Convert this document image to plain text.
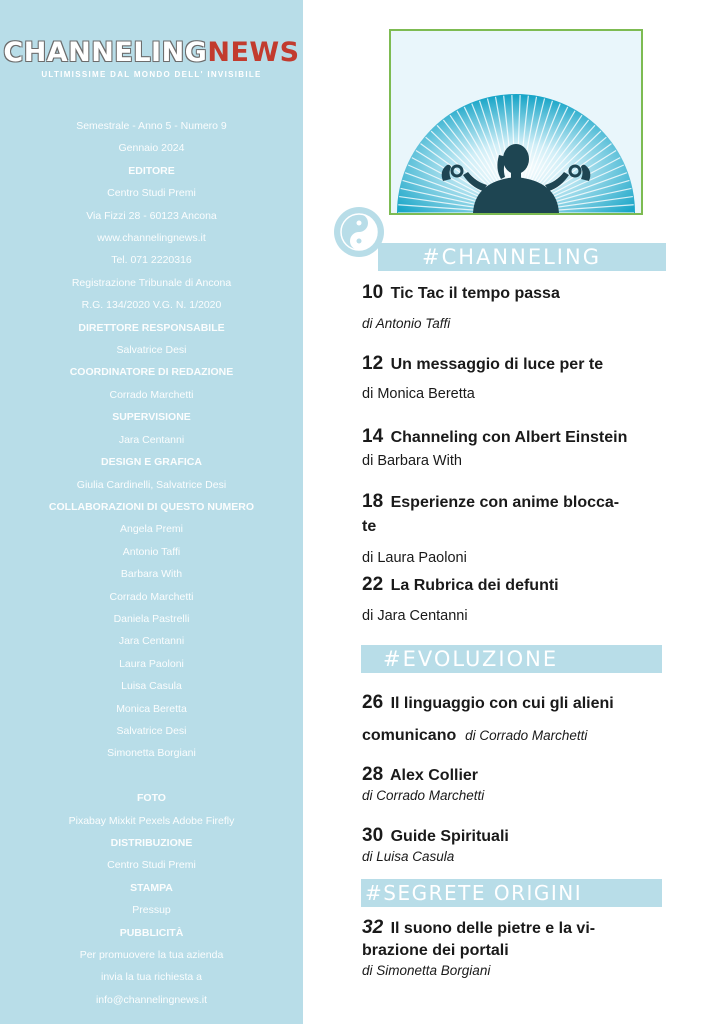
CHANNELINGNEWS
ULTIMISSIME DAL MONDO DELL' INVISIBILE
Semestrale - Anno 5 - Numero 9
Gennaio 2024
EDITORE
Centro Studi Premi
Via Fizzi 28 - 60123 Ancona
www.channelingnews.it
Tel. 071 2220316
Registrazione Tribunale di Ancona
R.G. 134/2020 V.G. N. 1/2020
DIRETTORE RESPONSABILE
Salvatrice Desi
COORDINATORE DI REDAZIONE
Corrado Marchetti
SUPERVISIONE
Jara Centanni
DESIGN E GRAFICA
Giulia Cardinelli, Salvatrice Desi
COLLABORAZIONI DI QUESTO NUMERO
Angela Premi
Antonio Taffi
Barbara With
Corrado Marchetti
Daniela Pastrelli
Jara Centanni
Laura Paoloni
Luisa Casula
Monica Beretta
Salvatrice Desi
Simonetta Borgiani
FOTO
Pixabay Mixkit Pexels Adobe Firefly
DISTRIBUZIONE
Centro Studi Premi
STAMPA
Pressup
PUBBLICITÀ
Per promuovere la tua azienda
invia la tua richiesta a
info@channelingnews.it
#CHANNELING
#EVOLUZIONE
#SEGRETE ORIGINI
10 Tic Tac il tempo passa
di Antonio Taffi
12 Un messaggio di luce per te
di Monica Beretta
14 Channeling con Albert Einstein
di Barbara With
18 Esperienze con anime blocca-
te
di Laura Paoloni
22 La Rubrica dei defunti
di Jara Centanni
26 Il linguaggio con cui gli alieni
comunicano di Corrado Marchetti
28 Alex Collier
di Corrado Marchetti
30 Guide Spirituali
di Luisa Casula
32 Il suono delle pietre e la vi-
brazione dei portali
di Simonetta Borgiani
